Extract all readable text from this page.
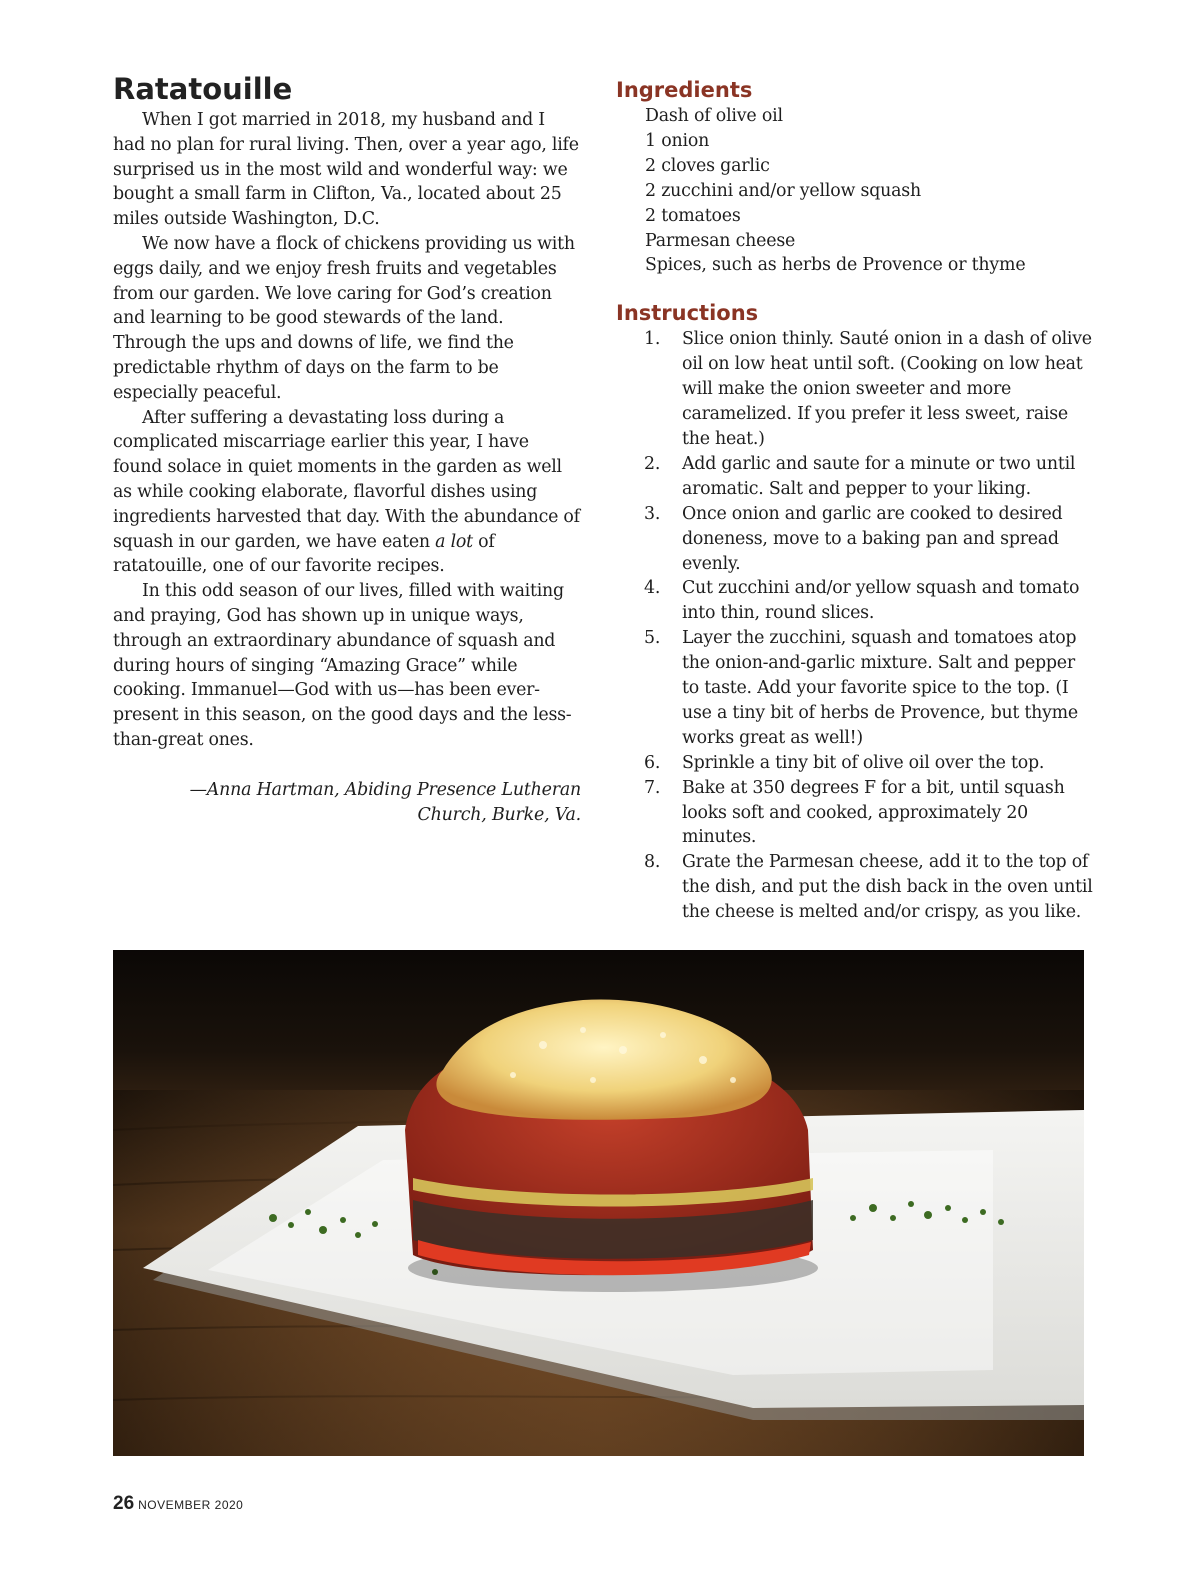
Ratatouille

When I got married in 2018, my husband and I had no plan for rural living. Then, over a year ago, life surprised us in the most wild and wonderful way: we bought a small farm in Clifton, Va., located about 25 miles outside Washington, D.C.

We now have a flock of chickens providing us with eggs daily, and we enjoy fresh fruits and vegetables from our garden. We love caring for God’s creation and learning to be good stewards of the land. Through the ups and downs of life, we find the predictable rhythm of days on the farm to be especially peaceful.

After suffering a devastating loss during a complicated miscarriage earlier this year, I have found solace in quiet moments in the garden as well as while cooking elaborate, flavorful dishes using ingredients harvested that day. With the abundance of squash in our garden, we have eaten a lot of ratatouille, one of our favorite recipes.

In this odd season of our lives, filled with waiting and praying, God has shown up in unique ways, through an extraordinary abundance of squash and during hours of singing “Amazing Grace” while cooking. Immanuel—God with us—has been ever-present in this season, on the good days and the less-than-great ones.

—Anna Hartman, Abiding Presence Lutheran
Church, Burke, Va.
Ingredients
Dash of olive oil
1 onion
2 cloves garlic
2 zucchini and/or yellow squash
2 tomatoes
Parmesan cheese
Spices, such as herbs de Provence or thyme
Instructions
1.	Slice onion thinly. Sauté onion in a dash of olive oil on low heat until soft. (Cooking on low heat will make the onion sweeter and more caramelized. If you prefer it less sweet, raise the heat.)
2.	Add garlic and saute for a minute or two until aromatic. Salt and pepper to your liking.
3.	Once onion and garlic are cooked to desired doneness, move to a baking pan and spread evenly.
4.	Cut zucchini and/or yellow squash and tomato into thin, round slices.
5.	Layer the zucchini, squash and tomatoes atop the onion-and-garlic mixture. Salt and pepper to taste. Add your favorite spice to the top. (I use a tiny bit of herbs de Provence, but thyme works great as well!)
6.	Sprinkle a tiny bit of olive oil over the top.
7.	Bake at 350 degrees F for a bit, until squash looks soft and cooked, approximately 20 minutes.
8.	Grate the Parmesan cheese, add it to the top of the dish, and put the dish back in the oven until the cheese is melted and/or crispy, as you like.
26 NOVEMBER 2020
